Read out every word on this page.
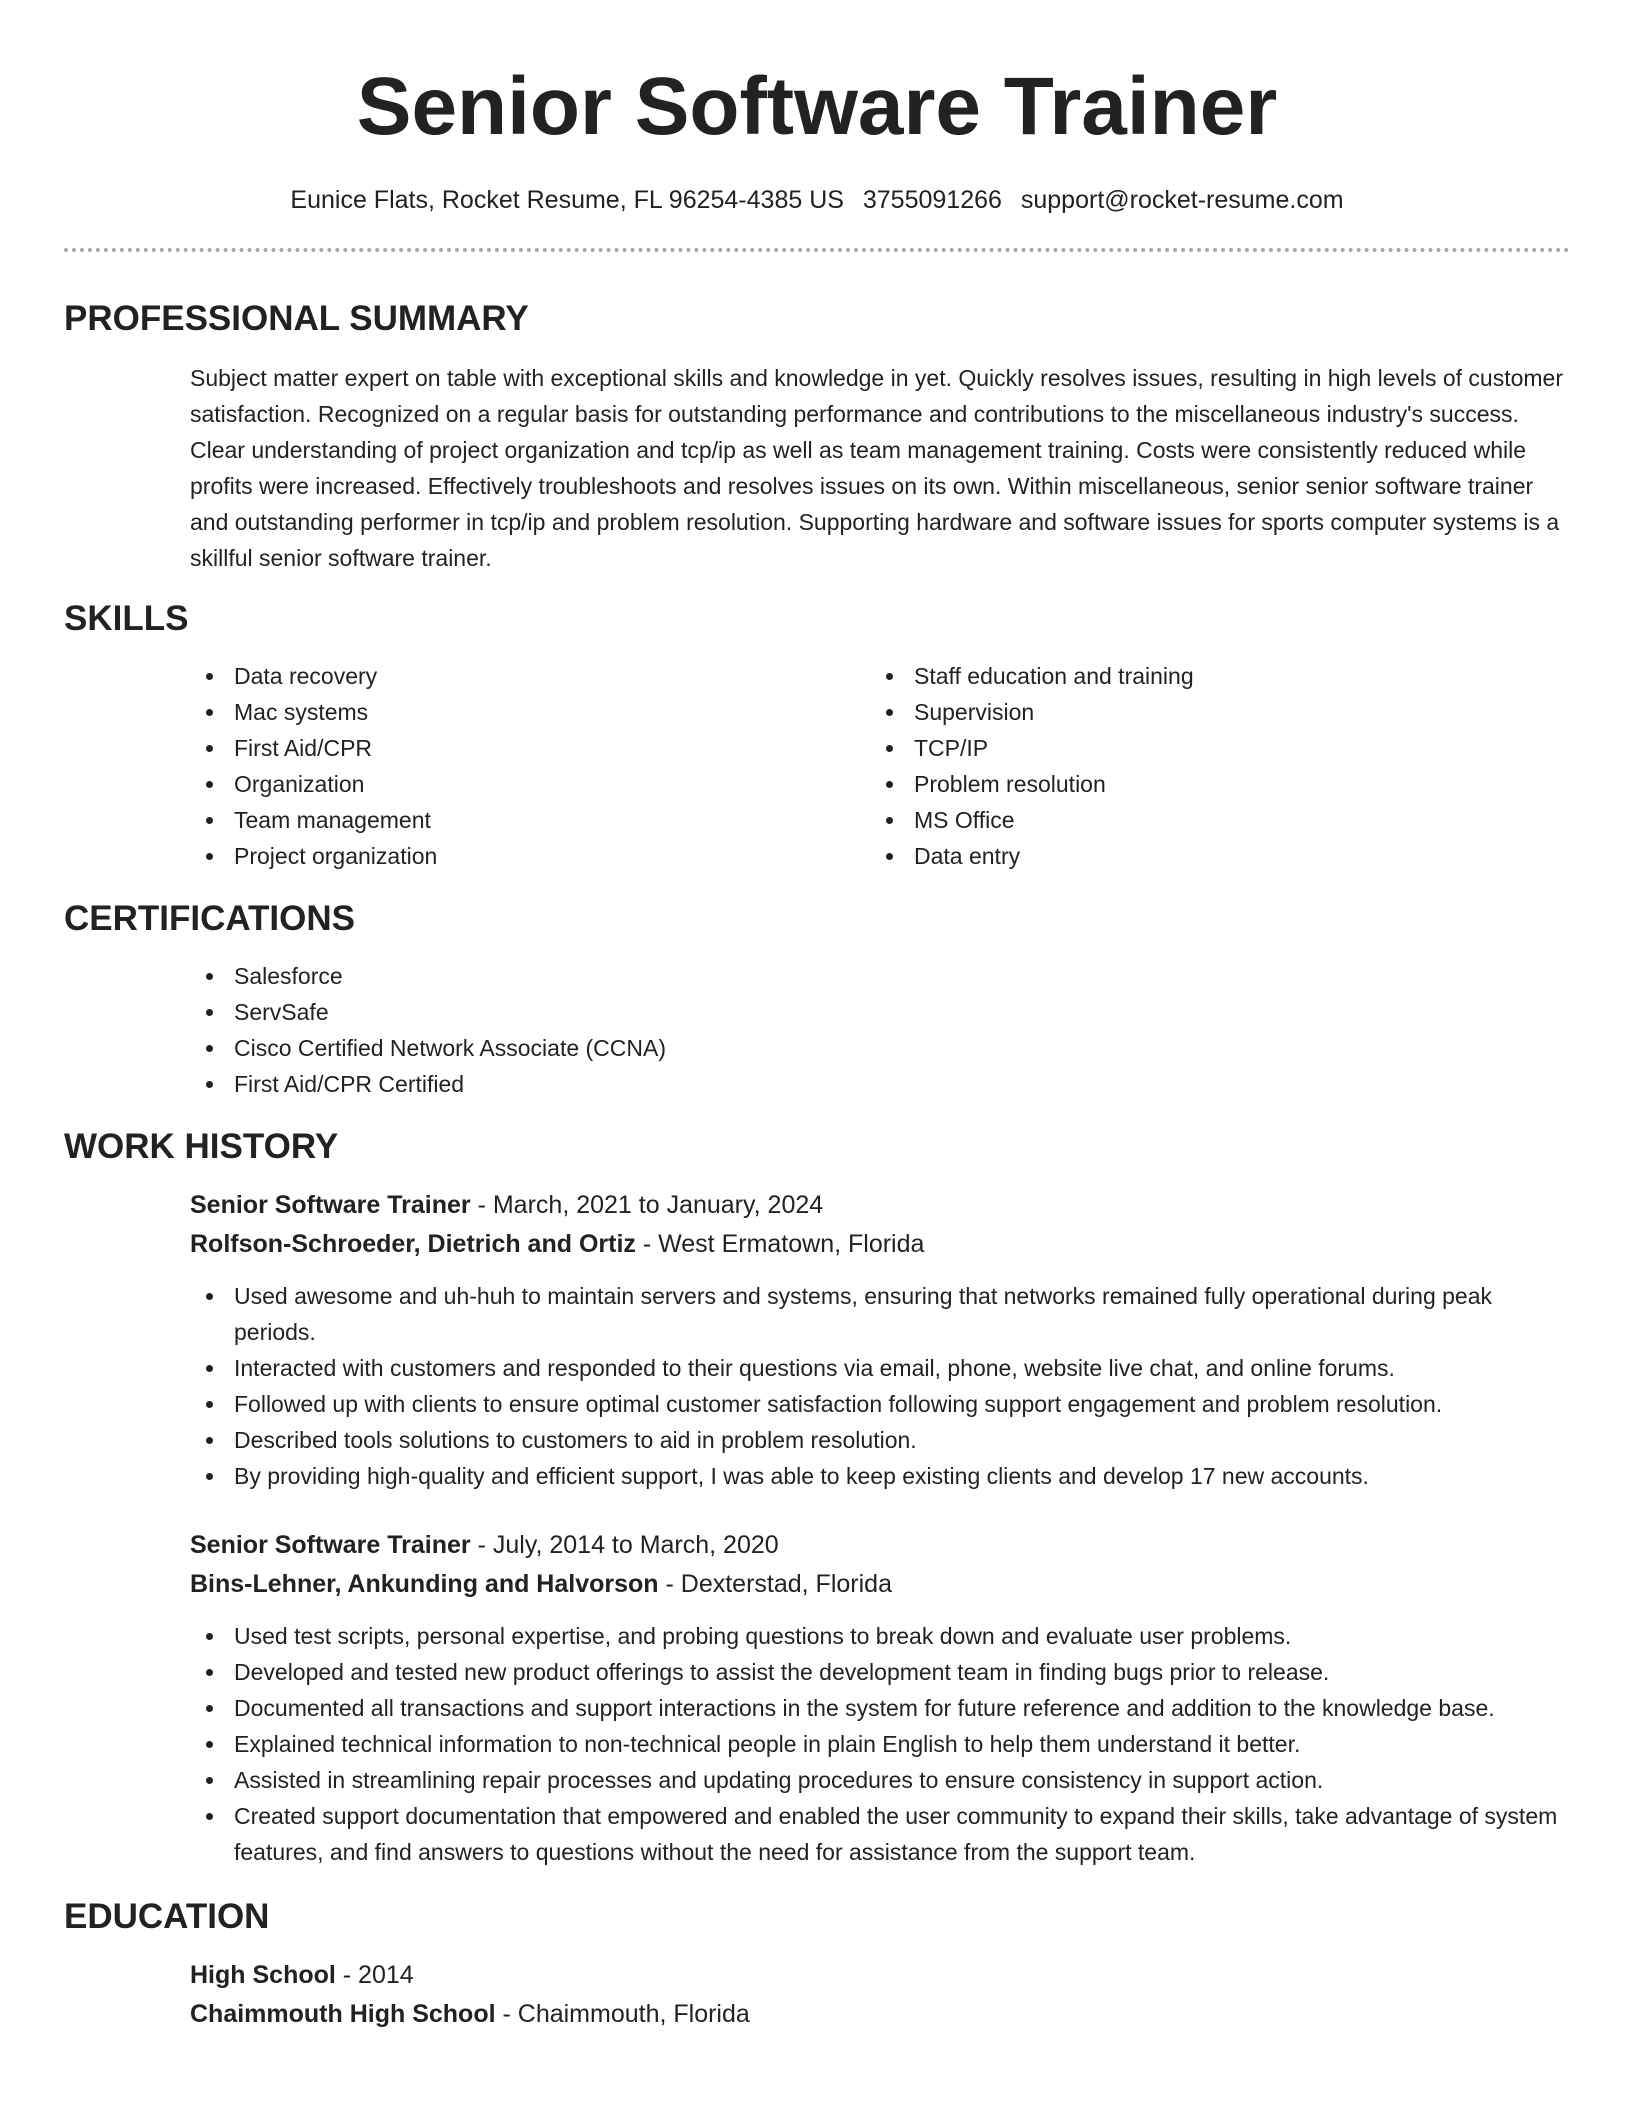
Senior Software Trainer
Eunice Flats, Rocket Resume, FL 96254-4385 US 3755091266 support@rocket-resume.com
PROFESSIONAL SUMMARY

Subject matter expert on table with exceptional skills and knowledge in yet. Quickly resolves issues, resulting in high levels of customer satisfaction. Recognized on a regular basis for outstanding performance and contributions to the miscellaneous industry's success. Clear understanding of project organization and tcp/ip as well as team management training. Costs were consistently reduced while profits were increased. Effectively troubleshoots and resolves issues on its own. Within miscellaneous, senior senior software trainer and outstanding performer in tcp/ip and problem resolution. Supporting hardware and software issues for sports computer systems is a skillful senior software trainer.

SKILLS
Data recovery
Mac systems
First Aid/CPR
Organization
Team management
Project organization
Staff education and training
Supervision
TCP/IP
Problem resolution
MS Office
Data entry
CERTIFICATIONS
Salesforce
ServSafe
Cisco Certified Network Associate (CCNA)
First Aid/CPR Certified
WORK HISTORY
Senior Software Trainer - March, 2021 to January, 2024
Rolfson-Schroeder, Dietrich and Ortiz - West Ermatown, Florida
Used awesome and uh-huh to maintain servers and systems, ensuring that networks remained fully operational during peak periods.
Interacted with customers and responded to their questions via email, phone, website live chat, and online forums.
Followed up with clients to ensure optimal customer satisfaction following support engagement and problem resolution.
Described tools solutions to customers to aid in problem resolution.
By providing high-quality and efficient support, I was able to keep existing clients and develop 17 new accounts.
Senior Software Trainer - July, 2014 to March, 2020
Bins-Lehner, Ankunding and Halvorson - Dexterstad, Florida
Used test scripts, personal expertise, and probing questions to break down and evaluate user problems.
Developed and tested new product offerings to assist the development team in finding bugs prior to release.
Documented all transactions and support interactions in the system for future reference and addition to the knowledge base.
Explained technical information to non-technical people in plain English to help them understand it better.
Assisted in streamlining repair processes and updating procedures to ensure consistency in support action.
Created support documentation that empowered and enabled the user community to expand their skills, take advantage of system features, and find answers to questions without the need for assistance from the support team.
EDUCATION
High School - 2014
Chaimmouth High School - Chaimmouth, Florida
